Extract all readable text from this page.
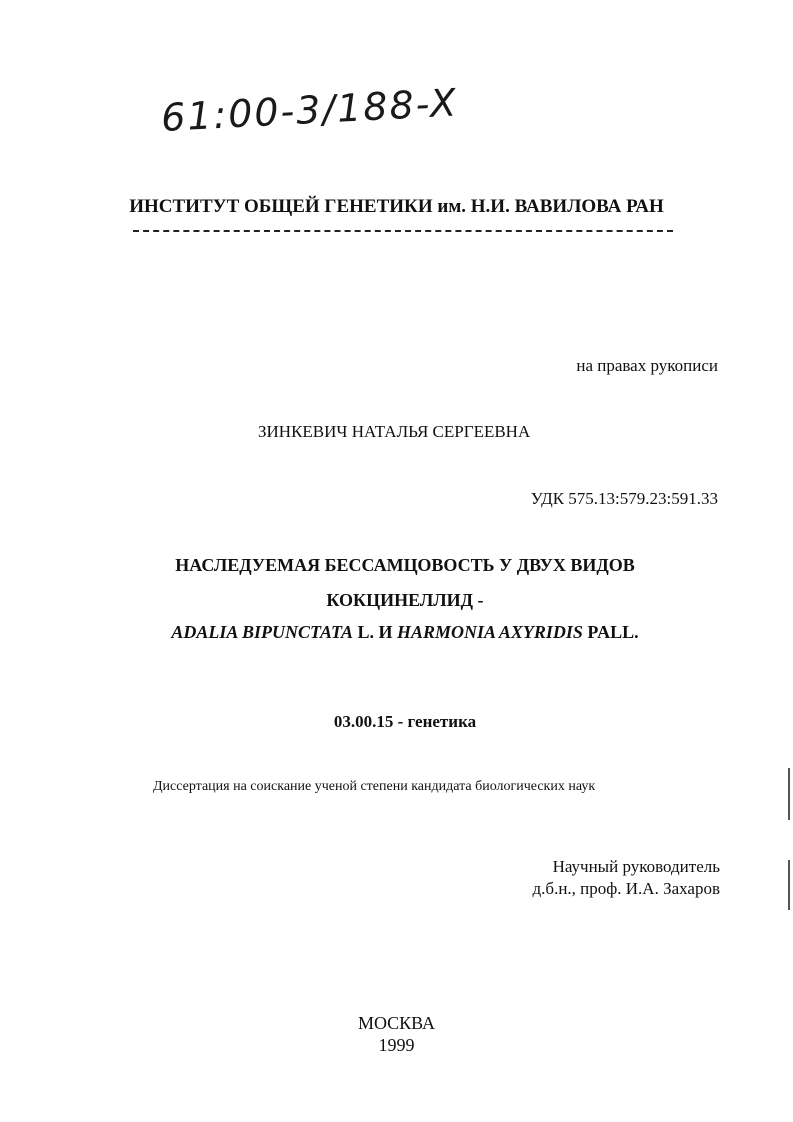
61:00-3/188-X
ИНСТИТУТ ОБЩЕЙ ГЕНЕТИКИ им. Н.И. ВАВИЛОВА РАН
на правах рукописи
ЗИНКЕВИЧ НАТАЛЬЯ СЕРГЕЕВНА
УДК 575.13:579.23:591.33
НАСЛЕДУЕМАЯ БЕССАМЦОВОСТЬ У ДВУХ ВИДОВ
КОКЦИНЕЛЛИД -
ADALIA BIPUNCTATA L. И HARMONIA AXYRIDIS PALL.
03.00.15 - генетика
Диссертация на соискание ученой степени кандидата биологических наук
Научный руководитель
д.б.н., проф. И.А. Захаров
МОСКВА
1999
